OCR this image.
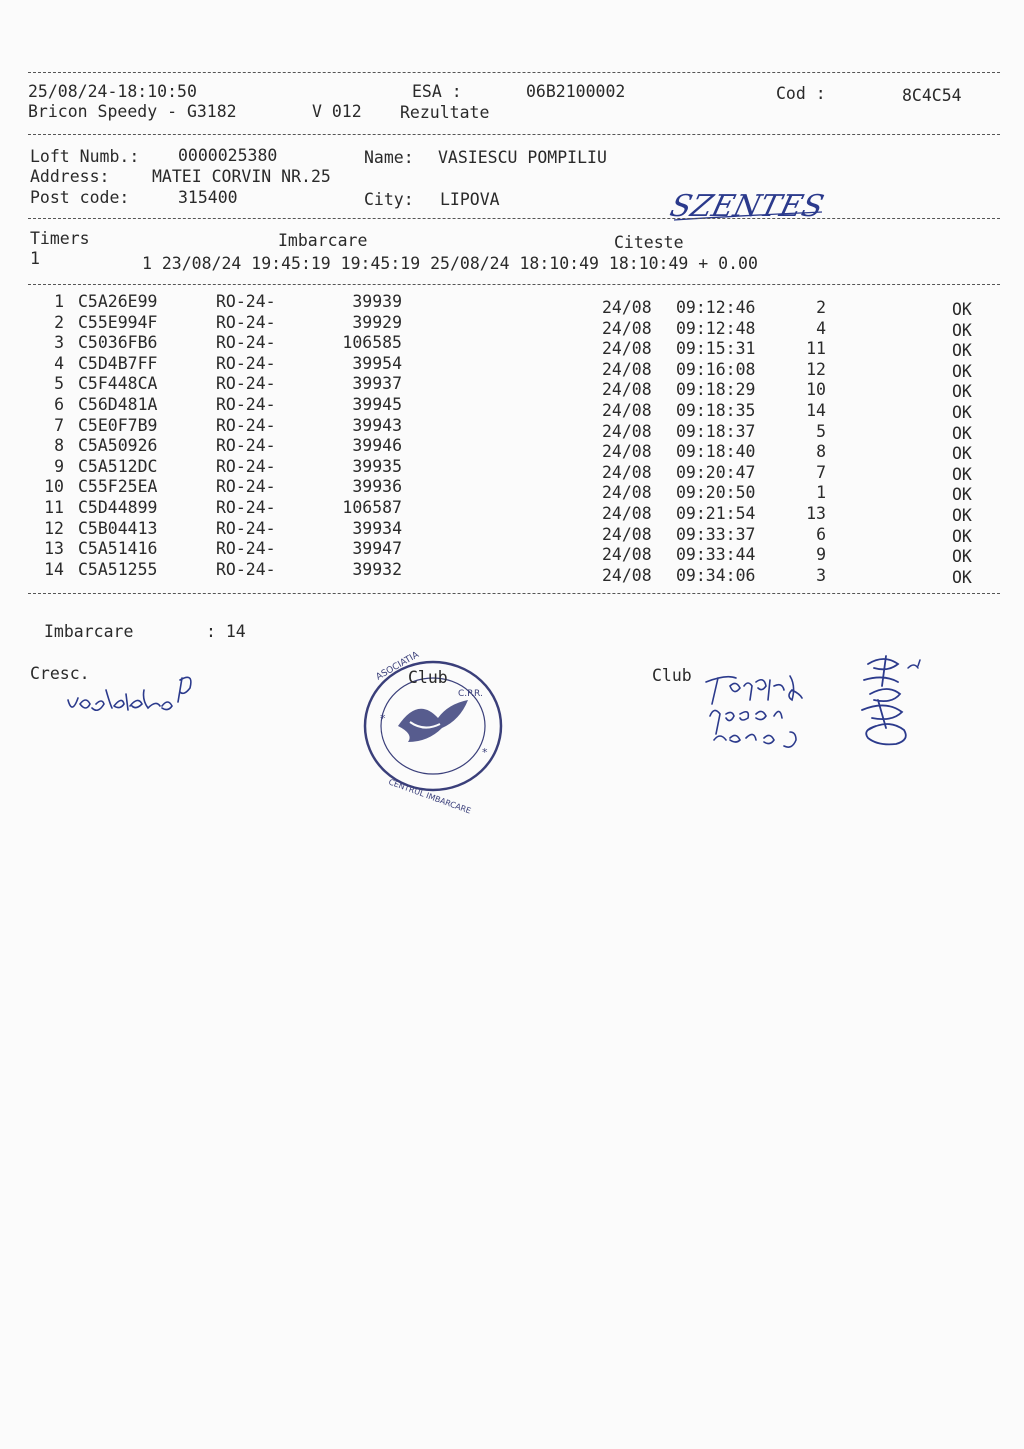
25/08/24-18:10:50	ESA :	06B2100002	Cod :	8C4C54
Bricon Speedy - G3182	V 012 Rezultate
Loft Numb.: 0000025380	Name: VASIESCU POMPILIU
Address:	MATEI CORVIN NR.25
Post code:	315400	City: LIPOVA	SZENTES
Timers	Imbarcare	Citeste
1	1 23/08/24 19:45:19 19:45:19 25/08/24 18:10:49 18:10:49 + 0.00
1 C5A26E99	RO-24-	39939	24/08 09:12:46	2	OK
2 C55E994F	RO-24-	39929	24/08 09:12:48	4	OK
3 C5036FB6	RO-24-	106585	24/08 09:15:31	11	OK
4 C5D4B7FF	RO-24-	39954	24/08 09:16:08	12	OK
5 C5F448CA	RO-24-	39937	24/08 09:18:29	10	OK
6 C56D481A	RO-24-	39945	24/08 09:18:35	14	OK
7 C5E0F7B9	RO-24-	39943	24/08 09:18:37	5	OK
8 C5A50926	RO-24-	39946	24/08 09:18:40	8	OK
9 C5A512DC	RO-24-	39935	24/08 09:20:47	7	OK
10 C55F25EA	RO-24-	39936	24/08 09:20:50	1	OK
11 C5D44899	RO-24-	106587	24/08 09:21:54	13	OK
12 C5B04413	RO-24-	39934	24/08 09:33:37	6	OK
13 C5A51416	RO-24-	39947	24/08 09:33:44	9	OK
14 C5A51255	RO-24-	39932	24/08 09:34:06	3	OK
Imbarcare	: 14
Cresc.	ASOCIATIA
C.P.R.
CENTRUL IMBARCARE
*
*
Club	Club
